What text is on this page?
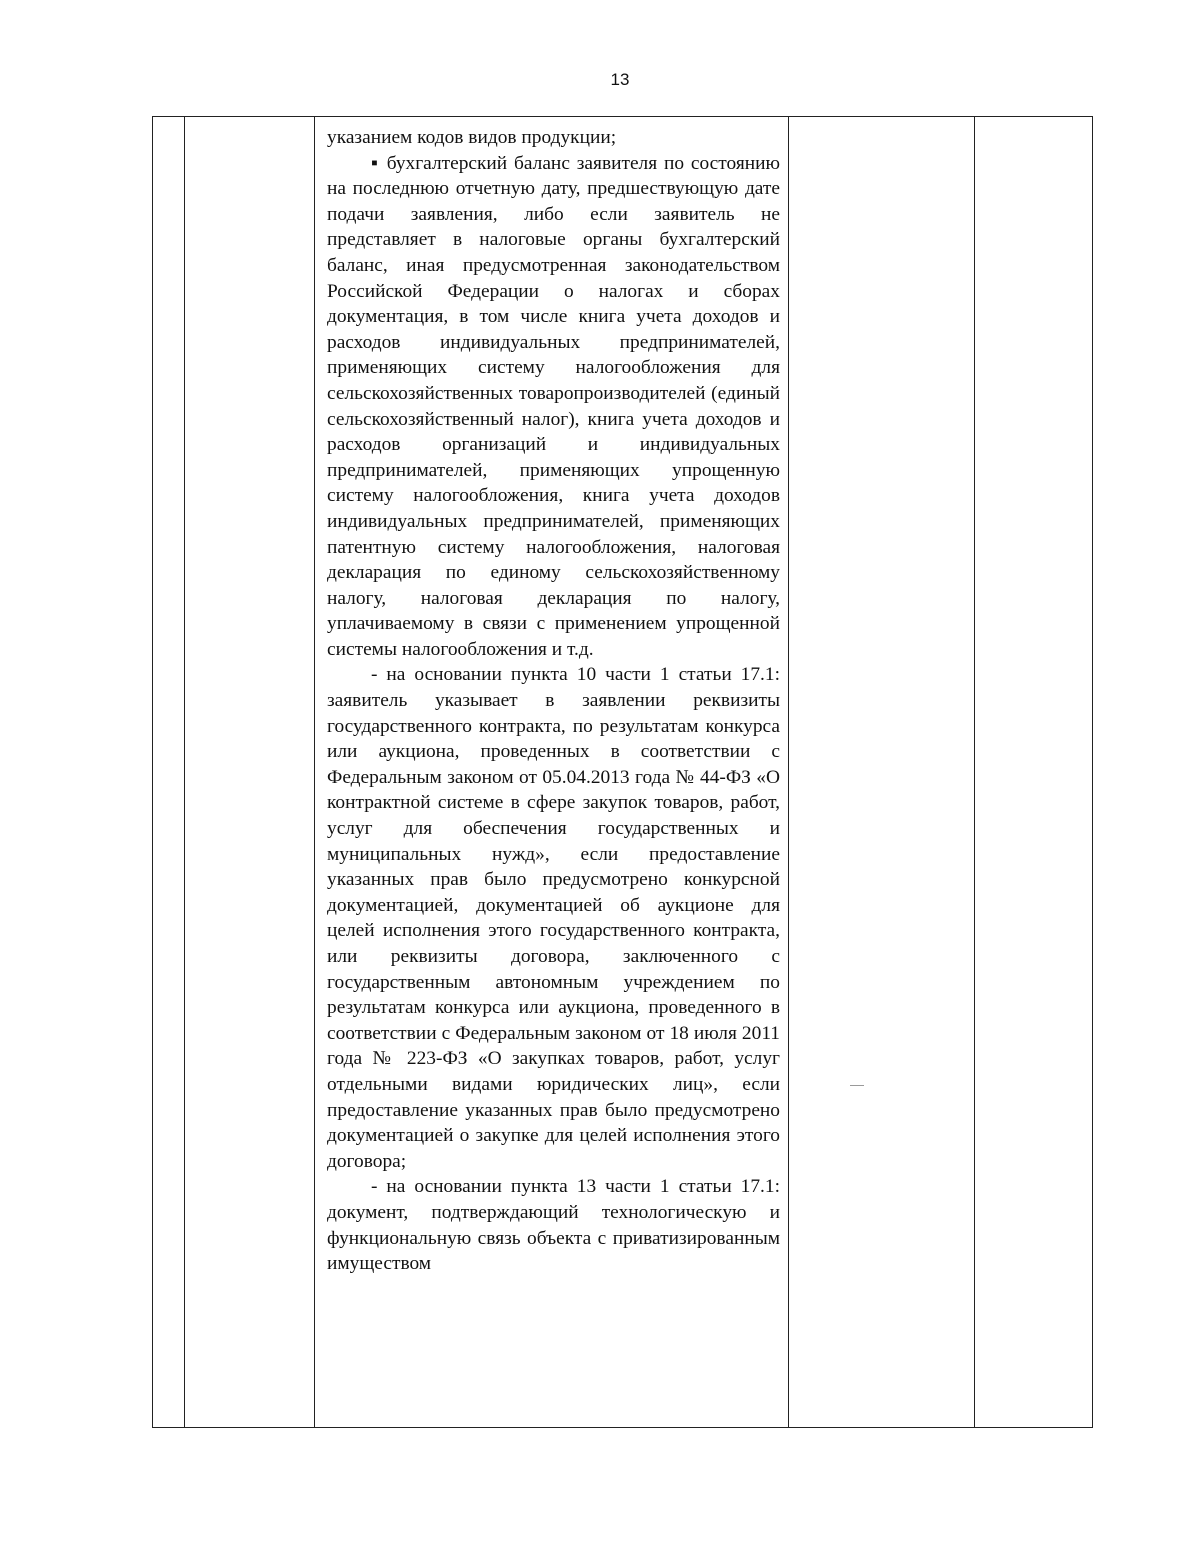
13

указанием кодов видов продукции;

▪ бухгалтерский баланс заявителя по состоянию на последнюю отчетную дату, предшествующую дате подачи заявления, либо если заявитель не представляет в налоговые органы бухгалтерский баланс, иная предусмотренная законодательством Российской Федерации о налогах и сборах документация, в том числе книга учета доходов и расходов индивидуальных предпринимателей, применяющих систему налогообложения для сельскохозяйственных товаропроизводителей (единый сельскохозяйственный налог), книга учета доходов и расходов организаций и индивидуальных предпринимателей, применяющих упрощенную систему налогообложения, книга учета доходов индивидуальных предпринимателей, применяющих патентную систему налогообложения, налоговая декларация по единому сельскохозяйственному налогу, налоговая декларация по налогу, уплачиваемому в связи с применением упрощенной системы налогообложения и т.д.

- на основании пункта 10 части 1 статьи 17.1: заявитель указывает в заявлении реквизиты государственного контракта, по результатам конкурса или аукциона, проведенных в соответствии с Федеральным законом от 05.04.2013 года № 44-ФЗ «О контрактной системе в сфере закупок товаров, работ, услуг для обеспечения государственных и муниципальных нужд», если предоставление указанных прав было предусмотрено конкурсной документацией, документацией об аукционе для целей исполнения этого государственного контракта, или реквизиты договора, заключенного с государственным автономным учреждением по результатам конкурса или аукциона, проведенного в соответствии с Федеральным законом от 18 июля 2011 года № 223-ФЗ «О закупках товаров, работ, услуг отдельными видами юридических лиц», если предоставление указанных прав было предусмотрено документацией о закупке для целей исполнения этого договора;

- на основании пункта 13 части 1 статьи 17.1: документ, подтверждающий технологическую и функциональную связь объекта с приватизированным имуществом
